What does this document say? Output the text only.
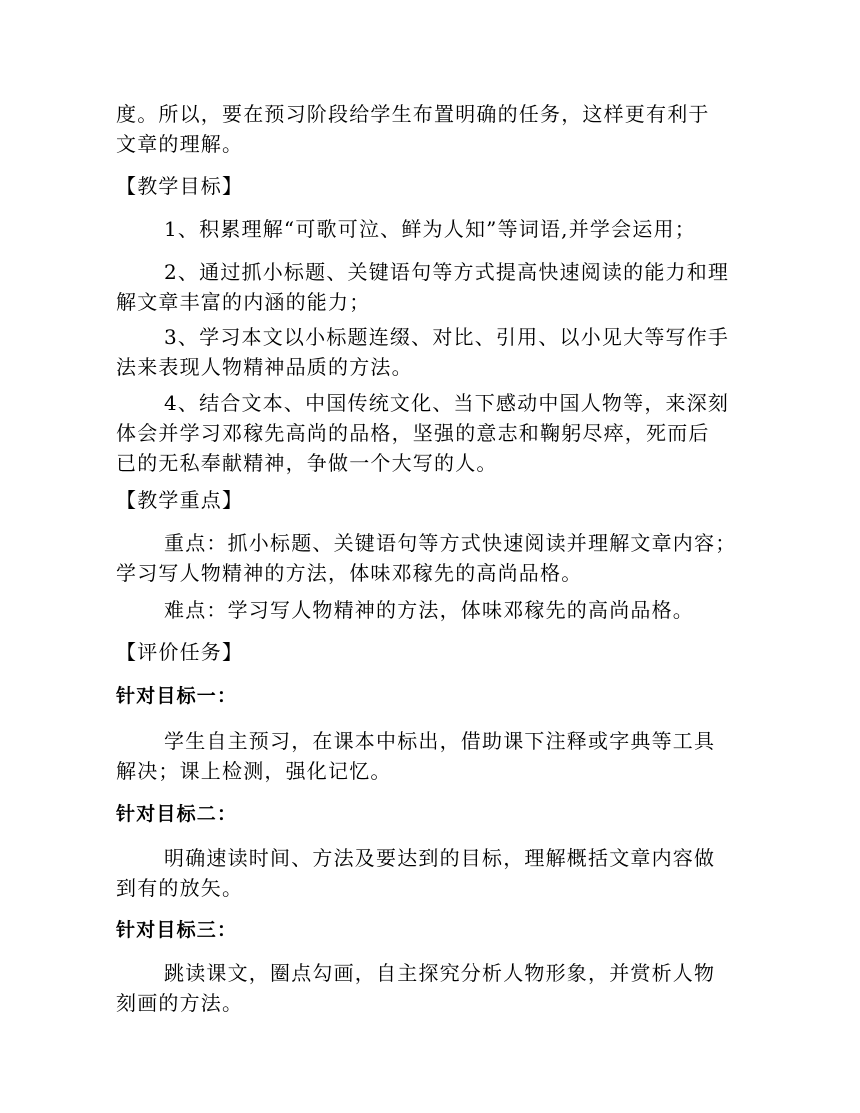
度。所以，要在预习阶段给学生布置明确的任务，这样更有利于
文章的理解。
【教学目标】
1、积累理解“可歌可泣、鲜为人知”等词语,并学会运用；
2、通过抓小标题、关键语句等方式提高快速阅读的能力和理
解文章丰富的内涵的能力；
3、学习本文以小标题连缀、对比、引用、以小见大等写作手
法来表现人物精神品质的方法。
4、结合文本、中国传统文化、当下感动中国人物等，来深刻
体会并学习邓稼先高尚的品格，坚强的意志和鞠躬尽瘁，死而后
已的无私奉献精神，争做一个大写的人。
【教学重点】
重点：抓小标题、关键语句等方式快速阅读并理解文章内容；
学习写人物精神的方法，体味邓稼先的高尚品格。
难点：学习写人物精神的方法，体味邓稼先的高尚品格。
【评价任务】
针对目标一：
学生自主预习，在课本中标出，借助课下注释或字典等工具
解决；课上检测，强化记忆。
针对目标二：
明确速读时间、方法及要达到的目标，理解概括文章内容做
到有的放矢。
针对目标三：
跳读课文，圈点勾画，自主探究分析人物形象，并赏析人物
刻画的方法。
